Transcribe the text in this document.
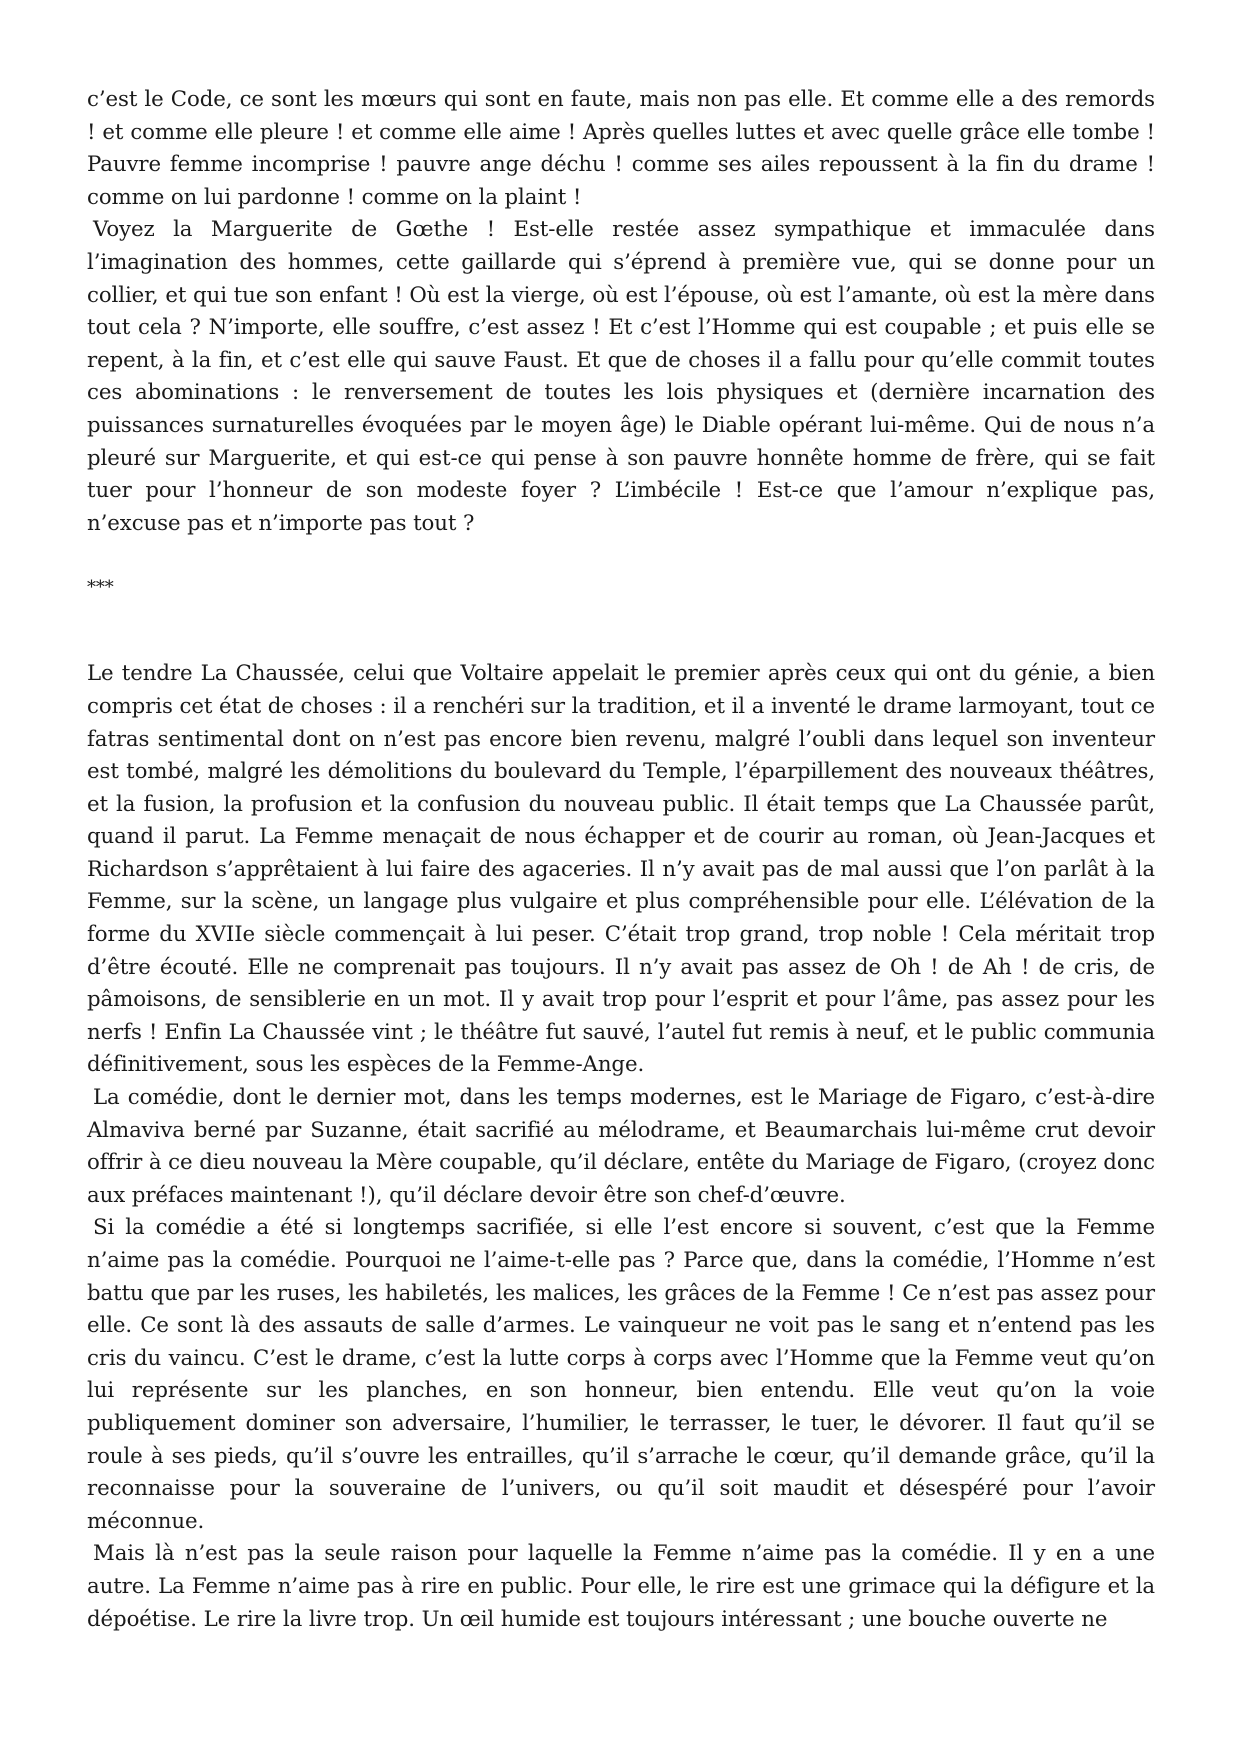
c’est le Code, ce sont les mœurs qui sont en faute, mais non pas elle. Et comme elle a des remords ! et comme elle pleure ! et comme elle aime ! Après quelles luttes et avec quelle grâce elle tombe ! Pauvre femme incomprise ! pauvre ange déchu ! comme ses ailes repoussent à la fin du drame ! comme on lui pardonne ! comme on la plaint !

Voyez la Marguerite de Gœthe ! Est-elle restée assez sympathique et immaculée dans l’imagination des hommes, cette gaillarde qui s’éprend à première vue, qui se donne pour un collier, et qui tue son enfant ! Où est la vierge, où est l’épouse, où est l’amante, où est la mère dans tout cela ? N’importe, elle souffre, c’est assez ! Et c’est l’Homme qui est coupable ; et puis elle se repent, à la fin, et c’est elle qui sauve Faust. Et que de choses il a fallu pour qu’elle commit toutes ces abominations : le renversement de toutes les lois physiques et (dernière incarnation des puissances surnaturelles évoquées par le moyen âge) le Diable opérant lui-même. Qui de nous n’a pleuré sur Marguerite, et qui est-ce qui pense à son pauvre honnête homme de frère, qui se fait tuer pour l’honneur de son modeste foyer ? L’imbécile ! Est-ce que l’amour n’explique pas, n’excuse pas et n’importe pas tout ?

***

Le tendre La Chaussée, celui que Voltaire appelait le premier après ceux qui ont du génie, a bien compris cet état de choses : il a renchéri sur la tradition, et il a inventé le drame larmoyant, tout ce fatras sentimental dont on n’est pas encore bien revenu, malgré l’oubli dans lequel son inventeur est tombé, malgré les démolitions du boulevard du Temple, l’éparpillement des nouveaux théâtres, et la fusion, la profusion et la confusion du nouveau public. Il était temps que La Chaussée parût, quand il parut. La Femme menaçait de nous échapper et de courir au roman, où Jean-Jacques et Richardson s’apprêtaient à lui faire des agaceries. Il n’y avait pas de mal aussi que l’on parlât à la Femme, sur la scène, un langage plus vulgaire et plus compréhensible pour elle. L’élévation de la forme du XVIIe siècle commençait à lui peser. C’était trop grand, trop noble ! Cela méritait trop d’être écouté. Elle ne comprenait pas toujours. Il n’y avait pas assez de Oh ! de Ah ! de cris, de pâmoisons, de sensiblerie en un mot. Il y avait trop pour l’esprit et pour l’âme, pas assez pour les nerfs ! Enfin La Chaussée vint ; le théâtre fut sauvé, l’autel fut remis à neuf, et le public communia définitivement, sous les espèces de la Femme-Ange.

La comédie, dont le dernier mot, dans les temps modernes, est le Mariage de Figaro, c’est-à-dire Almaviva berné par Suzanne, était sacrifié au mélodrame, et Beaumarchais lui-même crut devoir offrir à ce dieu nouveau la Mère coupable, qu’il déclare, entête du Mariage de Figaro, (croyez donc aux préfaces maintenant !), qu’il déclare devoir être son chef-d’œuvre.

Si la comédie a été si longtemps sacrifiée, si elle l’est encore si souvent, c’est que la Femme n’aime pas la comédie. Pourquoi ne l’aime-t-elle pas ? Parce que, dans la comédie, l’Homme n’est battu que par les ruses, les habiletés, les malices, les grâces de la Femme ! Ce n’est pas assez pour elle. Ce sont là des assauts de salle d’armes. Le vainqueur ne voit pas le sang et n’entend pas les cris du vaincu. C’est le drame, c’est la lutte corps à corps avec l’Homme que la Femme veut qu’on lui représente sur les planches, en son honneur, bien entendu. Elle veut qu’on la voie publiquement dominer son adversaire, l’humilier, le terrasser, le tuer, le dévorer. Il faut qu’il se roule à ses pieds, qu’il s’ouvre les entrailles, qu’il s’arrache le cœur, qu’il demande grâce, qu’il la reconnaisse pour la souveraine de l’univers, ou qu’il soit maudit et désespéré pour l’avoir méconnue.

Mais là n’est pas la seule raison pour laquelle la Femme n’aime pas la comédie. Il y en a une autre. La Femme n’aime pas à rire en public. Pour elle, le rire est une grimace qui la défigure et la dépoétise. Le rire la livre trop. Un œil humide est toujours intéressant ; une bouche ouverte ne
